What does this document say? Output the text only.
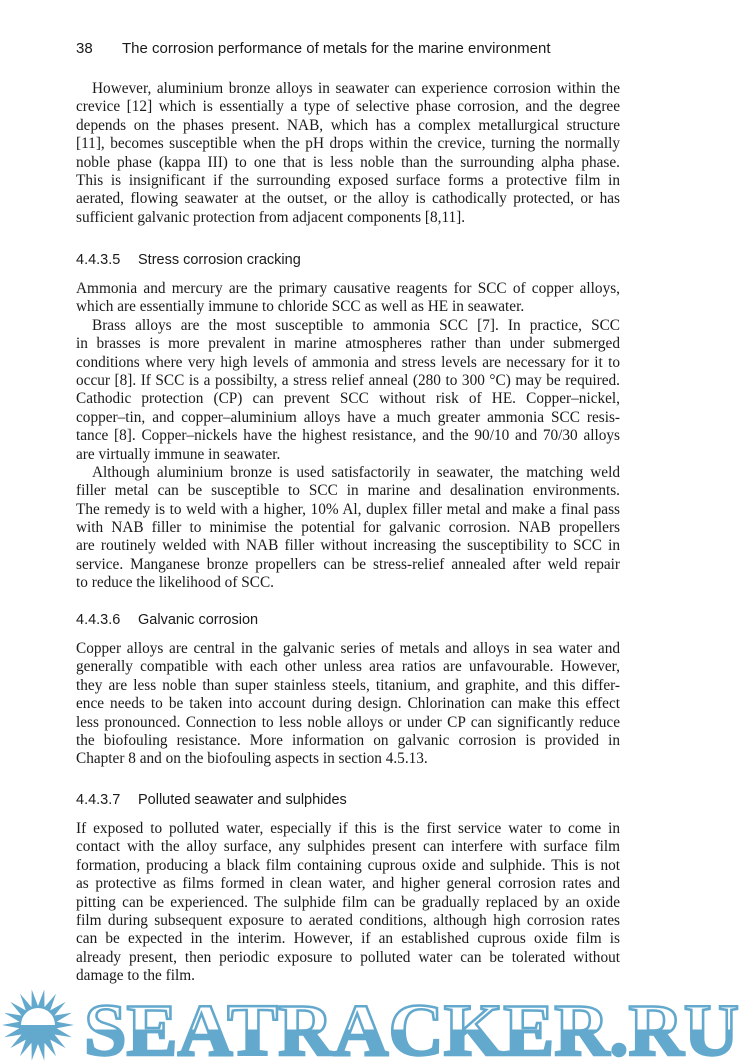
38 The corrosion performance of metals for the marine environment
However, aluminium bronze alloys in seawater can experience corrosion within the
crevice [12] which is essentially a type of selective phase corrosion, and the degree
depends on the phases present. NAB, which has a complex metallurgical structure
[11], becomes susceptible when the pH drops within the crevice, turning the normally
noble phase (kappa III) to one that is less noble than the surrounding alpha phase.
This is insignificant if the surrounding exposed surface forms a protective film in
aerated, flowing seawater at the outset, or the alloy is cathodically protected, or has
sufficient galvanic protection from adjacent components [8,11].
4.4.3.5 Stress corrosion cracking
Ammonia and mercury are the primary causative reagents for SCC of copper alloys,
which are essentially immune to chloride SCC as well as HE in seawater.
Brass alloys are the most susceptible to ammonia SCC [7]. In practice, SCC
in brasses is more prevalent in marine atmospheres rather than under submerged
conditions where very high levels of ammonia and stress levels are necessary for it to
occur [8]. If SCC is a possibilty, a stress relief anneal (280 to 300 °C) may be required.
Cathodic protection (CP) can prevent SCC without risk of HE. Copper–nickel,
copper–tin, and copper–aluminium alloys have a much greater ammonia SCC resis-
tance [8]. Copper–nickels have the highest resistance, and the 90/10 and 70/30 alloys
are virtually immune in seawater.
Although aluminium bronze is used satisfactorily in seawater, the matching weld
filler metal can be susceptible to SCC in marine and desalination environments.
The remedy is to weld with a higher, 10% Al, duplex filler metal and make a final pass
with NAB filler to minimise the potential for galvanic corrosion. NAB propellers
are routinely welded with NAB filler without increasing the susceptibility to SCC in
service. Manganese bronze propellers can be stress-relief annealed after weld repair
to reduce the likelihood of SCC.
4.4.3.6 Galvanic corrosion
Copper alloys are central in the galvanic series of metals and alloys in sea water and
generally compatible with each other unless area ratios are unfavourable. However,
they are less noble than super stainless steels, titanium, and graphite, and this differ-
ence needs to be taken into account during design. Chlorination can make this effect
less pronounced. Connection to less noble alloys or under CP can significantly reduce
the biofouling resistance. More information on galvanic corrosion is provided in
Chapter 8 and on the biofouling aspects in section 4.5.13.
4.4.3.7 Polluted seawater and sulphides
If exposed to polluted water, especially if this is the first service water to come in
contact with the alloy surface, any sulphides present can interfere with surface film
formation, producing a black film containing cuprous oxide and sulphide. This is not
as protective as films formed in clean water, and higher general corrosion rates and
pitting can be experienced. The sulphide film can be gradually replaced by an oxide
film during subsequent exposure to aerated conditions, although high corrosion rates
can be expected in the interim. However, if an established cuprous oxide film is
already present, then periodic exposure to polluted water can be tolerated without
damage to the film.
SEATRACKER.RU
